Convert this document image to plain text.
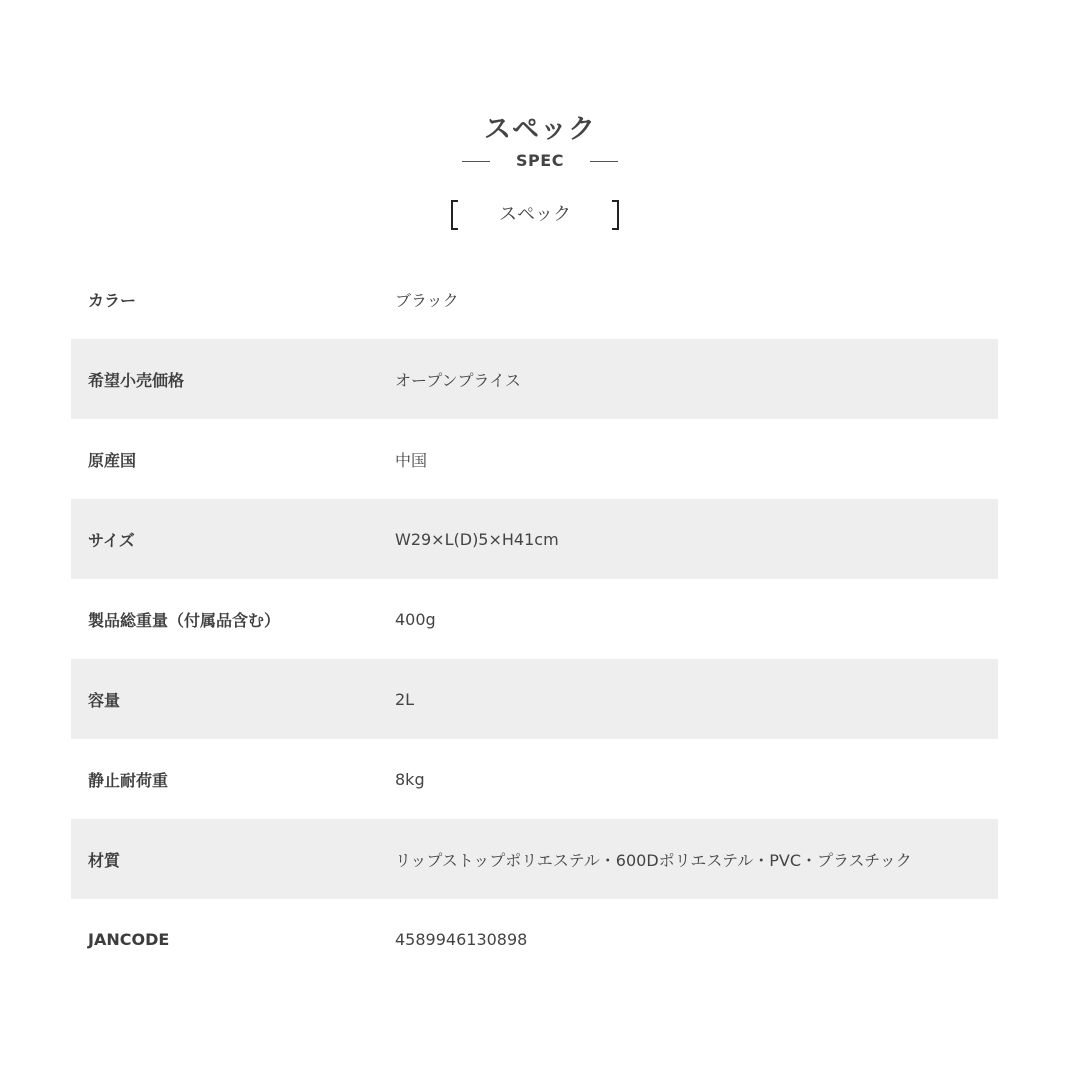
スペック
SPEC
スペック
カラー	ブラック
希望小売価格	オープンプライス
原産国	中国
サイズ	W29×L(D)5×H41cm
製品総重量（付属品含む）	400g
容量	2L
静止耐荷重	8kg
材質	リップストップポリエステル・600Dポリエステル・PVC・プラスチック
JANCODE	4589946130898
